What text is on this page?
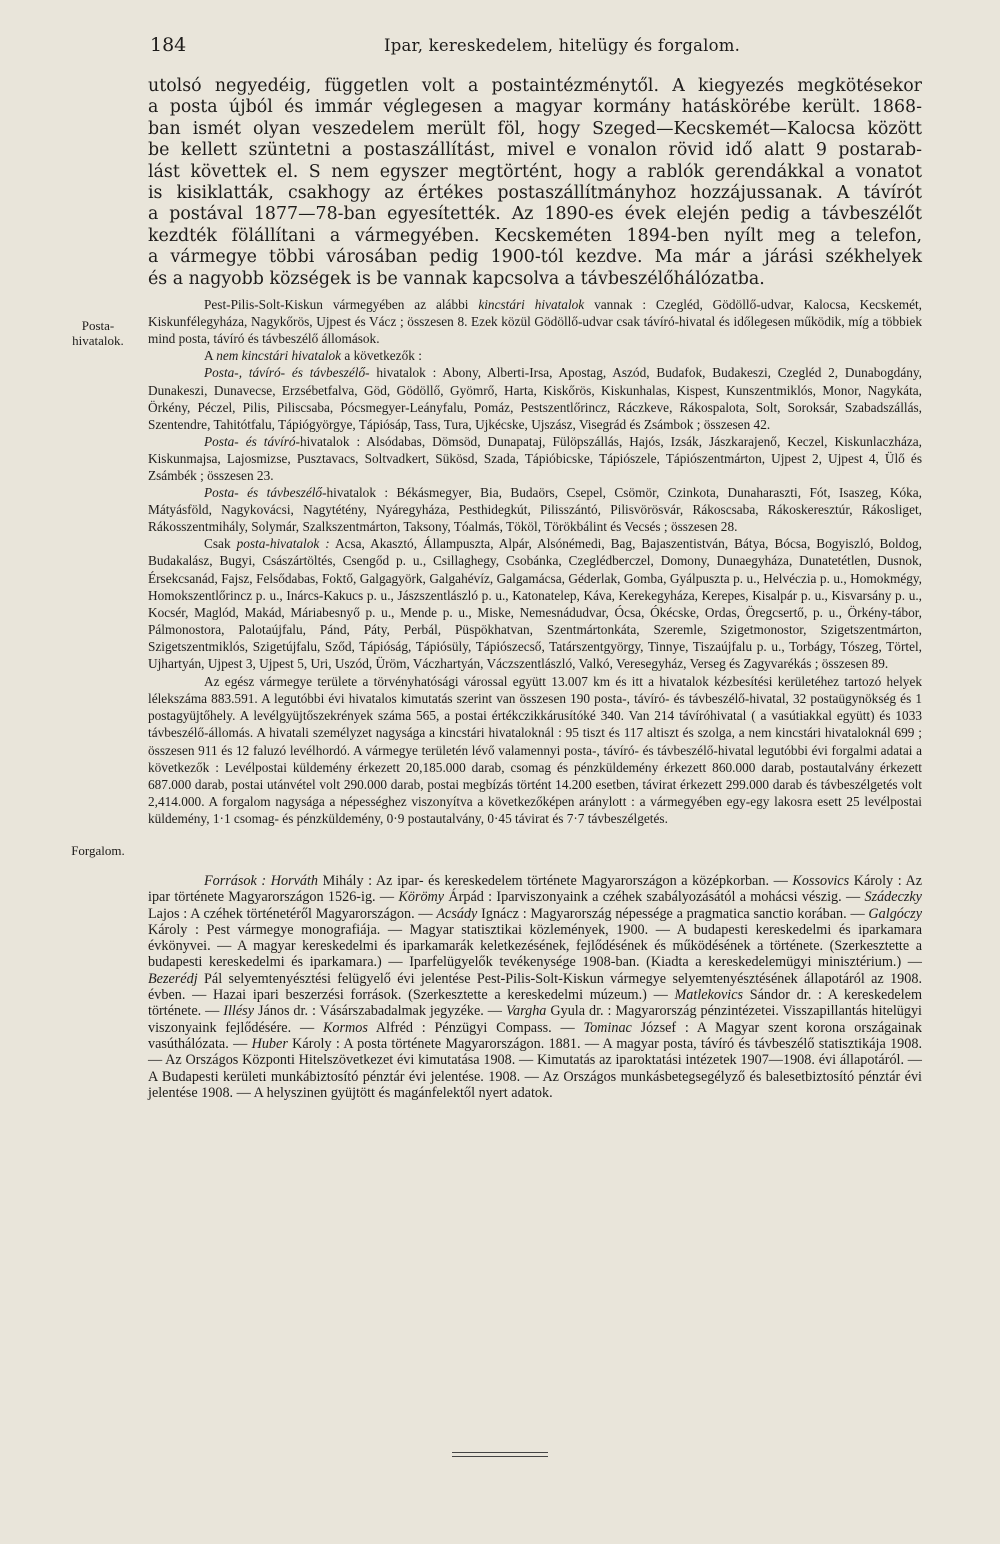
184	Ipar, kereskedelem, hitelügy és forgalom.
Posta-
hivatalok.
Forgalom.
utolsó negyedéig, független volt a postaintézménytől. A kiegyezés megkötésekor
a posta újból és immár véglegesen a magyar kormány hatáskörébe került. 1868-
ban ismét olyan veszedelem merült föl, hogy Szeged—Kecskemét—Kalocsa között
be kellett szüntetni a postaszállítást, mivel e vonalon rövid idő alatt 9 postarab-
lást követtek el. S nem egyszer megtörtént, hogy a rablók gerendákkal a vonatot
is kisiklatták, csakhogy az értékes postaszállítmányhoz hozzájussanak. A távírót
a postával 1877—78-ban egyesítették. Az 1890-es évek elején pedig a távbeszélőt
kezdték fölállítani a vármegyében. Kecskeméten 1894-ben nyílt meg a telefon,
a vármegye többi városában pedig 1900-tól kezdve. Ma már a járási székhelyek
és a nagyobb községek is be vannak kapcsolva a távbeszélőhálózatba.

Pest-Pilis-Solt-Kiskun vármegyében az alábbi kincstári hivatalok vannak : Czegléd, Gödöllő-udvar, Kalocsa, Kecskemét, Kiskunfélegyháza, Nagykőrös, Ujpest és Vácz ; összesen 8. Ezek közül Gödöllő-udvar csak távíró-hivatal és időlegesen működik, míg a többiek mind posta, távíró és távbeszélő állomások.

A nem kincstári hivatalok a következők :

Posta-, távíró- és távbeszélő- hivatalok : Abony, Alberti-Irsa, Apostag, Aszód, Budafok, Budakeszi, Czegléd 2, Dunabogdány, Dunakeszi, Dunavecse, Erzsébetfalva, Göd, Gödöllő, Gyömrő, Harta, Kiskőrös, Kiskunhalas, Kispest, Kunszentmiklós, Monor, Nagykáta, Örkény, Péczel, Pilis, Piliscsaba, Pócsmegyer-Leányfalu, Pomáz, Pestszentlőrincz, Ráczkeve, Rákospalota, Solt, Soroksár, Szabadszállás, Szentendre, Tahitótfalu, Tápiógyörgye, Tápiósáp, Tass, Tura, Ujkécske, Ujszász, Visegrád és Zsámbok ; összesen 42.

Posta- és távíró-hivatalok : Alsódabas, Dömsöd, Dunapataj, Fülöpszállás, Hajós, Izsák, Jászkarajenő, Keczel, Kiskunlaczháza, Kiskunmajsa, Lajosmizse, Pusztavacs, Soltvadkert, Sükösd, Szada, Tápióbicske, Tápiószele, Tápiószentmárton, Ujpest 2, Ujpest 4, Ülő és Zsámbék ; összesen 23.

Posta- és távbeszélő-hivatalok : Békásmegyer, Bia, Budaörs, Csepel, Csömör, Czinkota, Dunaharaszti, Fót, Isaszeg, Kóka, Mátyásföld, Nagykovácsi, Nagytétény, Nyáregyháza, Pesthidegkút, Pilisszántó, Pilisvörösvár, Rákoscsaba, Rákoskeresztúr, Rákosliget, Rákosszentmihály, Solymár, Szalkszentmárton, Taksony, Tóalmás, Tököl, Törökbálint és Vecsés ; összesen 28.

Csak posta-hivatalok : Acsa, Akasztó, Állampuszta, Alpár, Alsónémedi, Bag, Bajaszentistván, Bátya, Bócsa, Bogyiszló, Boldog, Budakalász, Bugyi, Császártöltés, Csengőd p. u., Csillaghegy, Csobánka, Czeglédberczel, Domony, Dunaegyháza, Dunatetétlen, Dusnok, Érsekcsanád, Fajsz, Felsődabas, Foktő, Galgagyörk, Galgahévíz, Galgamácsa, Géderlak, Gomba, Gyálpuszta p. u., Helvéczia p. u., Homokmégy, Homokszentlőrincz p. u., Inárcs-Kakucs p. u., Jászszentlászló p. u., Katonatelep, Káva, Kerekegyháza, Kerepes, Kisalpár p. u., Kisvarsány p. u., Kocsér, Maglód, Makád, Máriabesnyő p. u., Mende p. u., Miske, Nemesnádudvar, Ócsa, Ókécske, Ordas, Öregcsertő, p. u., Örkény-tábor, Pálmonostora, Palotaújfalu, Pánd, Páty, Perbál, Püspökhatvan, Szentmártonkáta, Szeremle, Szigetmonostor, Szigetszentmárton, Szigetszentmiklós, Szigetújfalu, Sződ, Tápióság, Tápiósüly, Tápiószecső, Tatárszentgyörgy, Tinnye, Tiszaújfalu p. u., Torbágy, Tószeg, Törtel, Ujhartyán, Ujpest 3, Ujpest 5, Uri, Uszód, Üröm, Váczhartyán, Váczszentlászló, Valkó, Veresegyház, Verseg és Zagyvarékás ; összesen 89.

Az egész vármegye területe a törvényhatósági várossal együtt 13.007 km és itt a hivatalok kézbesítési kerületéhez tartozó helyek lélekszáma 883.591. A legutóbbi évi hivatalos kimutatás szerint van összesen 190 posta-, távíró- és távbeszélő-hivatal, 32 postaügynökség és 1 postagyüjtőhely. A levélgyüjtőszekrények száma 565, a postai értékczikkárusítóké 340. Van 214 távíróhivatal ( a vasútiakkal együtt) és 1033 távbeszélő-állomás. A hivatali személyzet nagysága a kincstári hivataloknál : 95 tiszt és 117 altiszt és szolga, a nem kincstári hivataloknál 699 ; összesen 911 és 12 faluzó levélhordó. A vármegye területén lévő valamennyi posta-, távíró- és távbeszélő-hivatal legutóbbi évi forgalmi adatai a következők : Levélpostai küldemény érkezett 20,185.000 darab, csomag és pénzküldemény érkezett 860.000 darab, postautalvány érkezett 687.000 darab, postai utánvétel volt 290.000 darab, postai megbízás történt 14.200 esetben, távirat érkezett 299.000 darab és távbeszélgetés volt 2,414.000. A forgalom nagysága a népességhez viszonyítva a következőképen aránylott : a vármegyében egy-egy lakosra esett 25 levélpostai küldemény, 1·1 csomag- és pénzküldemény, 0·9 postautalvány, 0·45 távirat és 7·7 távbeszélgetés.

Források : Horváth Mihály : Az ipar- és kereskedelem története Magyarországon a középkorban. — Kossovics Károly : Az ipar története Magyarországon 1526-ig. — Körömy Árpád : Iparviszonyaink a czéhek szabályozásától a mohácsi vészig. — Szádeczky Lajos : A czéhek történetéről Magyarországon. — Acsády Ignácz : Magyarország népessége a pragmatica sanctio korában. — Galgóczy Károly : Pest vármegye monografiája. — Magyar statisztikai közlemények, 1900. — A budapesti kereskedelmi és iparkamara évkönyvei. — A magyar kereskedelmi és iparkamarák keletkezésének, fejlődésének és működésének a története. (Szerkesztette a budapesti kereskedelmi és iparkamara.) — Iparfelügyelők tevékenysége 1908-ban. (Kiadta a kereskedelemügyi minisztérium.) — Bezerédj Pál selyemtenyésztési felügyelő évi jelentése Pest-Pilis-Solt-Kiskun vármegye selyemtenyésztésének állapotáról az 1908. évben. — Hazai ipari beszerzési források. (Szerkesztette a kereskedelmi múzeum.) — Matlekovics Sándor dr. : A kereskedelem története. — Illésy János dr. : Vásárszabadalmak jegyzéke. — Vargha Gyula dr. : Magyarország pénzintézetei. Visszapillantás hitelügyi viszonyaink fejlődésére. — Kormos Alfréd : Pénzügyi Compass. — Tominac József : A Magyar szent korona országainak vasúthálózata. — Huber Károly : A posta története Magyarországon. 1881. — A magyar posta, távíró és távbeszélő statisztikája 1908. — Az Országos Központi Hitelszövetkezet évi kimutatása 1908. — Kimutatás az iparoktatási intézetek 1907—1908. évi állapotáról. — A Budapesti kerületi munkábiztosító pénztár évi jelentése. 1908. — Az Országos munkásbetegsegélyző és balesetbiztosító pénztár évi jelentése 1908. — A helyszinen gyüjtött és magánfelektől nyert adatok.
